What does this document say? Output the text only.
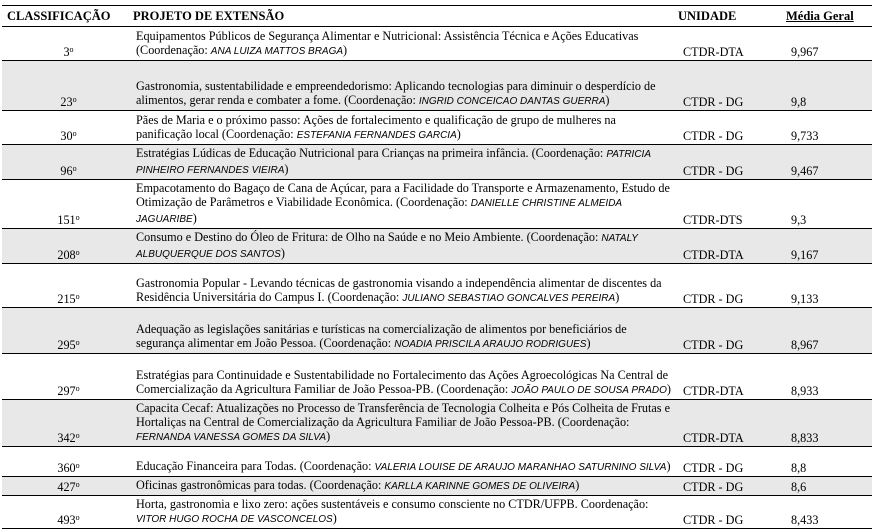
CLASSIFICAÇÃO	PROJETO DE EXTENSÃO	UNIDADE	Média Geral
3$^o$	Equipamentos Públicos de Segurança Alimentar e Nutricional: Assistência Técnica e Ações Educativas (Coordenação: ANA LUIZA MATTOS BRAGA)	CTDR-DTA	9,967
23$^o$	Gastronomia, sustentabilidade e empreendedorismo: Aplicando tecnologias para diminuir o desperdício de alimentos, gerar renda e combater a fome. (Coordenação: INGRID CONCEICAO DANTAS GUERRA)	CTDR - DG	9,8
30$^o$	Pães de Maria e o próximo passo: Ações de fortalecimento e qualificação de grupo de mulheres na panificação local (Coordenação: ESTEFANIA FERNANDES GARCIA)	CTDR - DG	9,733
96$^o$	Estratégias Lúdicas de Educação Nutricional para Crianças na primeira infância. (Coordenação: PATRICIA PINHEIRO FERNANDES VIEIRA)	CTDR - DG	9,467
151$^o$	Empacotamento do Bagaço de Cana de Açúcar, para a Facilidade do Transporte e Armazenamento, Estudo de Otimização de Parâmetros e Viabilidade Econômica. (Coordenação: DANIELLE CHRISTINE ALMEIDA JAGUARIBE)	CTDR-DTS	9,3
208$^o$	Consumo e Destino do Óleo de Fritura: de Olho na Saúde e no Meio Ambiente. (Coordenação: NATALY ALBUQUERQUE DOS SANTOS)	CTDR-DTA	9,167
215$^o$	Gastronomia Popular - Levando técnicas de gastronomia visando a independência alimentar de discentes da Residência Universitária do Campus I. (Coordenação: JULIANO SEBASTIAO GONCALVES PEREIRA)	CTDR - DG	9,133
295$^o$	Adequação as legislações sanitárias e turísticas na comercialização de alimentos por beneficiários de segurança alimentar em João Pessoa. (Coordenação: NOADIA PRISCILA ARAUJO RODRIGUES)	CTDR - DG	8,967
297$^o$	Estratégias para Continuidade e Sustentabilidade no Fortalecimento das Ações Agroecológicas Na Central de Comercialização da Agricultura Familiar de João Pessoa-PB. (Coordenação: JOÃO PAULO DE SOUSA PRADO)	CTDR-DTA	8,933
342$^o$	Capacita Cecaf: Atualizações no Processo de Transferência de Tecnologia Colheita e Pós Colheita de Frutas e Hortaliças na Central de Comercialização da Agricultura Familiar de João Pessoa-PB. (Coordenação: FERNANDA VANESSA GOMES DA SILVA)	CTDR-DTA	8,833
360$^o$	Educação Financeira para Todas. (Coordenação: VALERIA LOUISE DE ARAUJO MARANHAO SATURNINO SILVA)	CTDR - DG	8,8
427$^o$	Oficinas gastronômicas para todas. (Coordenação: KARLLA KARINNE GOMES DE OLIVEIRA)	CTDR - DG	8,6
493$^o$	Horta, gastronomia e lixo zero: ações sustentáveis e consumo consciente no CTDR/UFPB. Coordenação: VITOR HUGO ROCHA DE VASCONCELOS)	CTDR - DG	8,433
